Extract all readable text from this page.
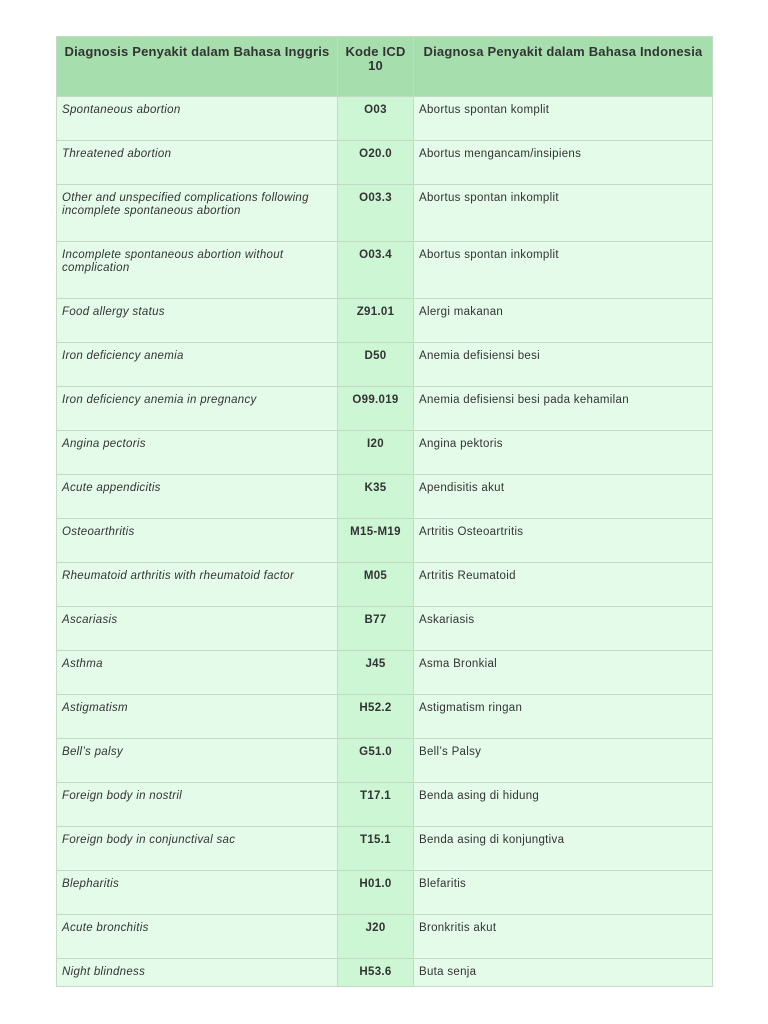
Diagnosis Penyakit dalam Bahasa Inggris	Kode ICD 10	Diagnosa Penyakit dalam Bahasa Indonesia
Spontaneous abortion	O03	Abortus spontan komplit
Threatened abortion	O20.0	Abortus mengancam/insipiens
Other and unspecified complications following incomplete spontaneous abortion	O03.3	Abortus spontan inkomplit
Incomplete spontaneous abortion without complication	O03.4	Abortus spontan inkomplit
Food allergy status	Z91.01	Alergi makanan
Iron deficiency anemia	D50	Anemia defisiensi besi
Iron deficiency anemia in pregnancy	O99.019	Anemia defisiensi besi pada kehamilan
Angina pectoris	I20	Angina pektoris
Acute appendicitis	K35	Apendisitis akut
Osteoarthritis	M15-M19	Artritis Osteoartritis
Rheumatoid arthritis with rheumatoid factor	M05	Artritis Reumatoid
Ascariasis	B77	Askariasis
Asthma	J45	Asma Bronkial
Astigmatism	H52.2	Astigmatism ringan
Bell’s palsy	G51.0	Bell’s Palsy
Foreign body in nostril	T17.1	Benda asing di hidung
Foreign body in conjunctival sac	T15.1	Benda asing di konjungtiva
Blepharitis	H01.0	Blefaritis
Acute bronchitis	J20	Bronkritis akut
Night blindness	H53.6	Buta senja
